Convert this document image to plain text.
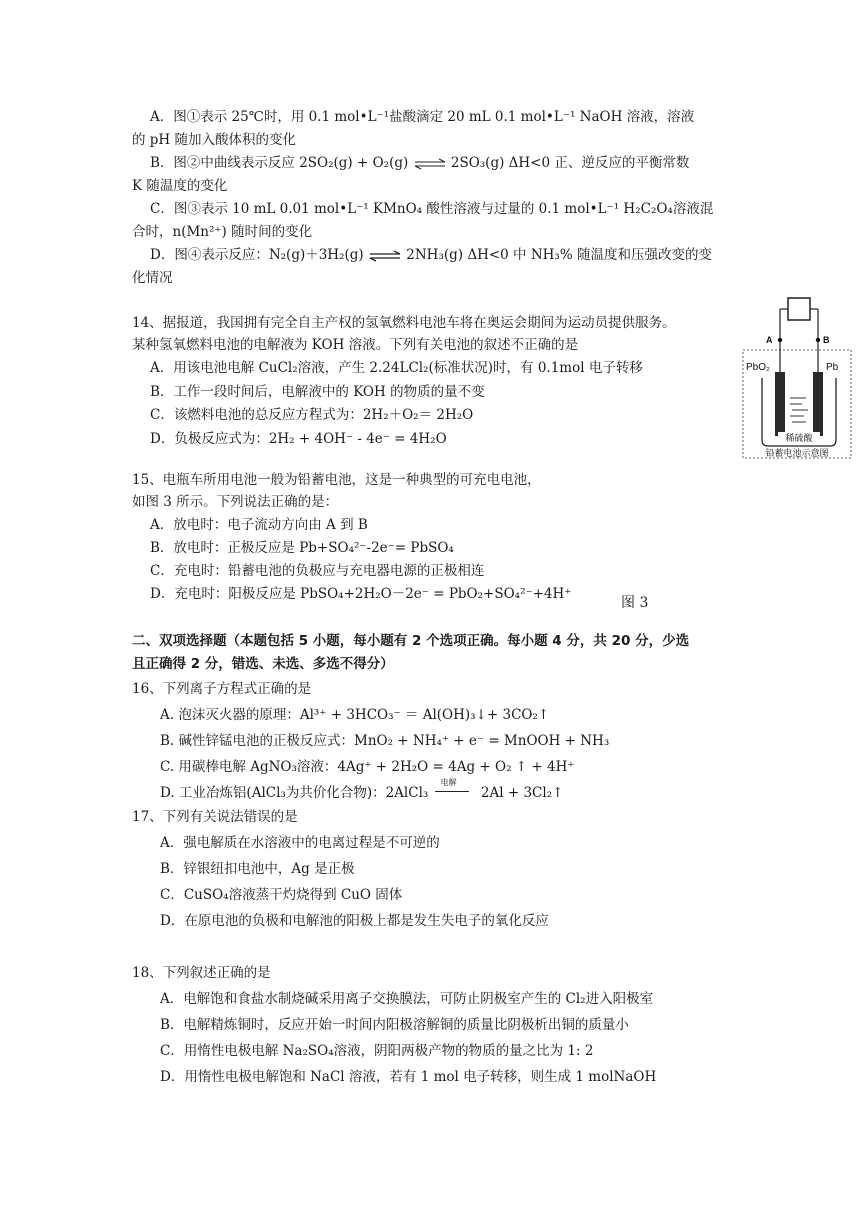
A．图①表示 25℃时，用 0.1 mol•L⁻¹盐酸滴定 20 mL 0.1 mol•L⁻¹ NaOH 溶液，溶液
的 pH 随加入酸体积的变化
B．图②中曲线表示反应 2SO₂(g) + O₂(g) ⇌ 2SO₃(g) ΔH<0 正、逆反应的平衡常数
K 随温度的变化
C．图③表示 10 mL 0.01 mol•L⁻¹ KMnO₄ 酸性溶液与过量的 0.1 mol•L⁻¹ H₂C₂O₄溶液混
合时，n(Mn²⁺) 随时间的变化
D．图④表示反应：N₂(g)＋3H₂(g) ⇌ 2NH₃(g) ΔH<0 中 NH₃% 随温度和压强改变的变
化情况
14、据报道，我国拥有完全自主产权的氢氧燃料电池车将在奥运会期间为运动员提供服务。
某种氢氧燃料电池的电解液为 KOH 溶液。下列有关电池的叙述不正确的是
A．用该电池电解 CuCl₂溶液，产生 2.24LCl₂(标准状况)时，有 0.1mol 电子转移
B．工作一段时间后，电解液中的 KOH 的物质的量不变
C．该燃料电池的总反应方程式为：2H₂＋O₂＝ 2H₂O
D．负极反应式为：2H₂ + 4OH⁻ - 4e⁻ = 4H₂O
A	B
PbO₂	Pb
稀硫酸
铅蓄电池示意图
15、电瓶车所用电池一般为铅蓄电池，这是一种典型的可充电电池，
如图 3 所示。下列说法正确的是：
A．放电时：电子流动方向由 A 到 B
B．放电时：正极反应是 Pb+SO₄²⁻-2e⁻= PbSO₄
C．充电时：铅蓄电池的负极应与充电器电源的正极相连
D．充电时：阳极反应是 PbSO₄+2H₂O－2e⁻ = PbO₂+SO₄²⁻+4H⁺
图 3
二、双项选择题（本题包括 5 小题，每小题有 2 个选项正确。每小题 4 分，共 20 分，少选
且正确得 2 分，错选、未选、多选不得分）
16、下列离子方程式正确的是
A. 泡沫灭火器的原理：Al³⁺ + 3HCO₃⁻ ＝ Al(OH)₃↓+ 3CO₂↑
B. 碱性锌锰电池的正极反应式：MnO₂ + NH₄⁺ + e⁻ = MnOOH + NH₃
C. 用碳棒电解 AgNO₃溶液：4Ag⁺ + 2H₂O = 4Ag + O₂ ↑ + 4H⁺
D. 工业冶炼铝(AlCl₃为共价化合物)：2AlCl₃
电解
2Al + 3Cl₂↑
17、下列有关说法错误的是
A．强电解质在水溶液中的电离过程是不可逆的
B．锌银纽扣电池中，Ag 是正极
C．CuSO₄溶液蒸干灼烧得到 CuO 固体
D．在原电池的负极和电解池的阳极上都是发生失电子的氧化反应
18、下列叙述正确的是
A．电解饱和食盐水制烧碱采用离子交换膜法，可防止阴极室产生的 Cl₂进入阳极室
B．电解精炼铜时，反应开始一时间内阳极溶解铜的质量比阴极析出铜的质量小
C．用惰性电极电解 Na₂SO₄溶液，阴阳两极产物的物质的量之比为 1: 2
D．用惰性电极电解饱和 NaCl 溶液，若有 1 mol 电子转移，则生成 1 molNaOH
